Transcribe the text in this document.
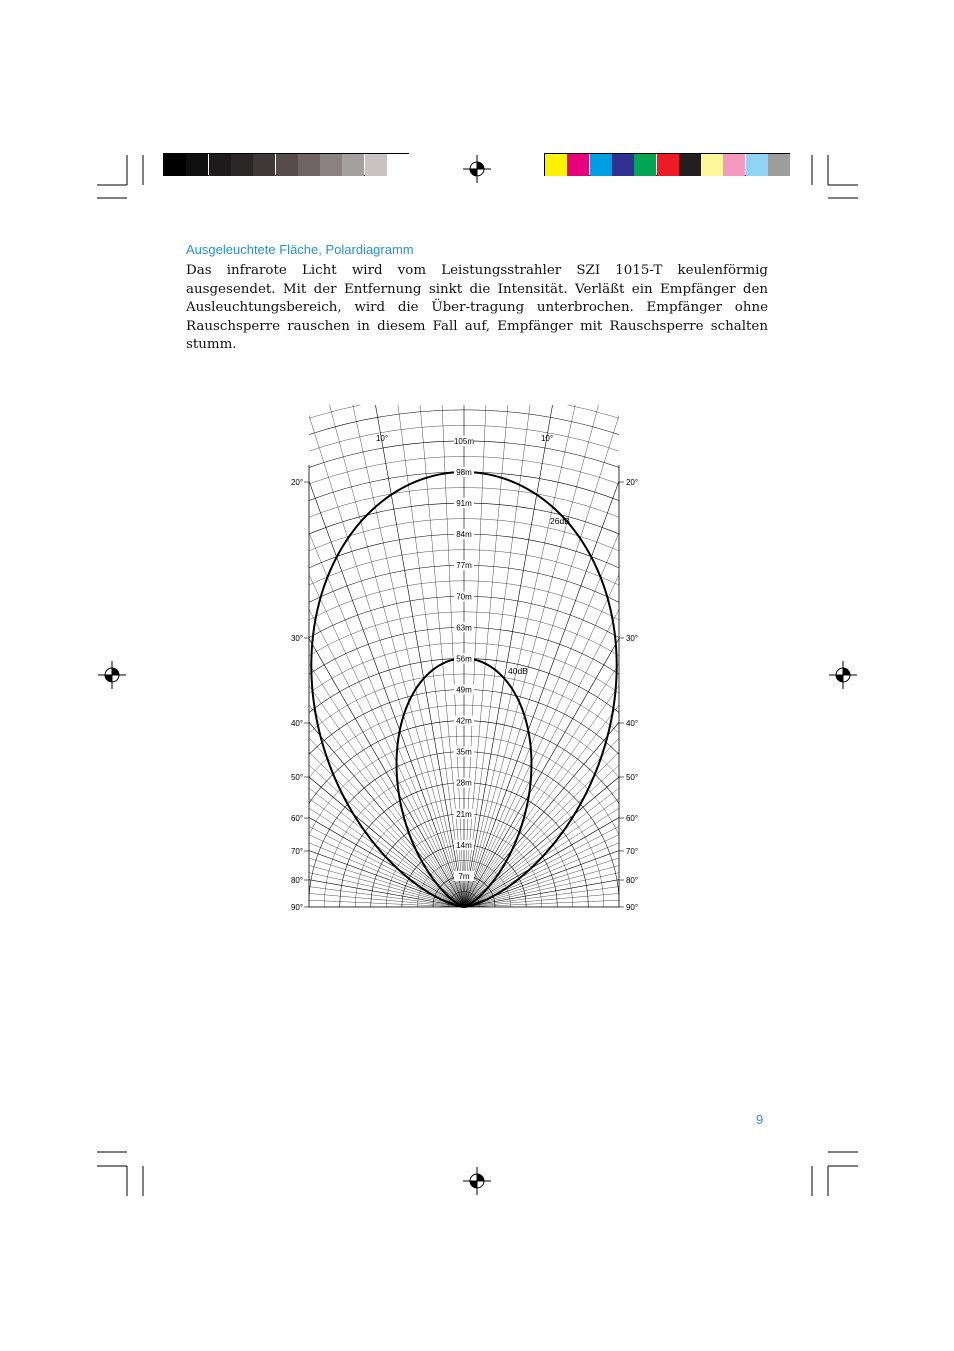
Ausgeleuchtete Fläche, Polardiagramm

Das infrarote Licht wird vom Leistungsstrahler SZI 1015-T keulenförmig ausgesendet. Mit der Entfernung sinkt die Intensität. Verläßt ein Empfänger den Ausleuchtungsbereich, wird die Über-tragung unterbrochen. Empfänger ohne Rauschsperre rauschen in diesem Fall auf, Empfänger mit Rauschsperre schalten stumm.

9
7m
14m
21m
28m
35m
42m
49m
56m
63m
70m
77m
84m
91m
98m
105m
26dB
40dB
10°
20°
30°
40°
50°
60°
70°
80°
90°
10°
20°
30°
40°
50°
60°
70°
80°
90°
